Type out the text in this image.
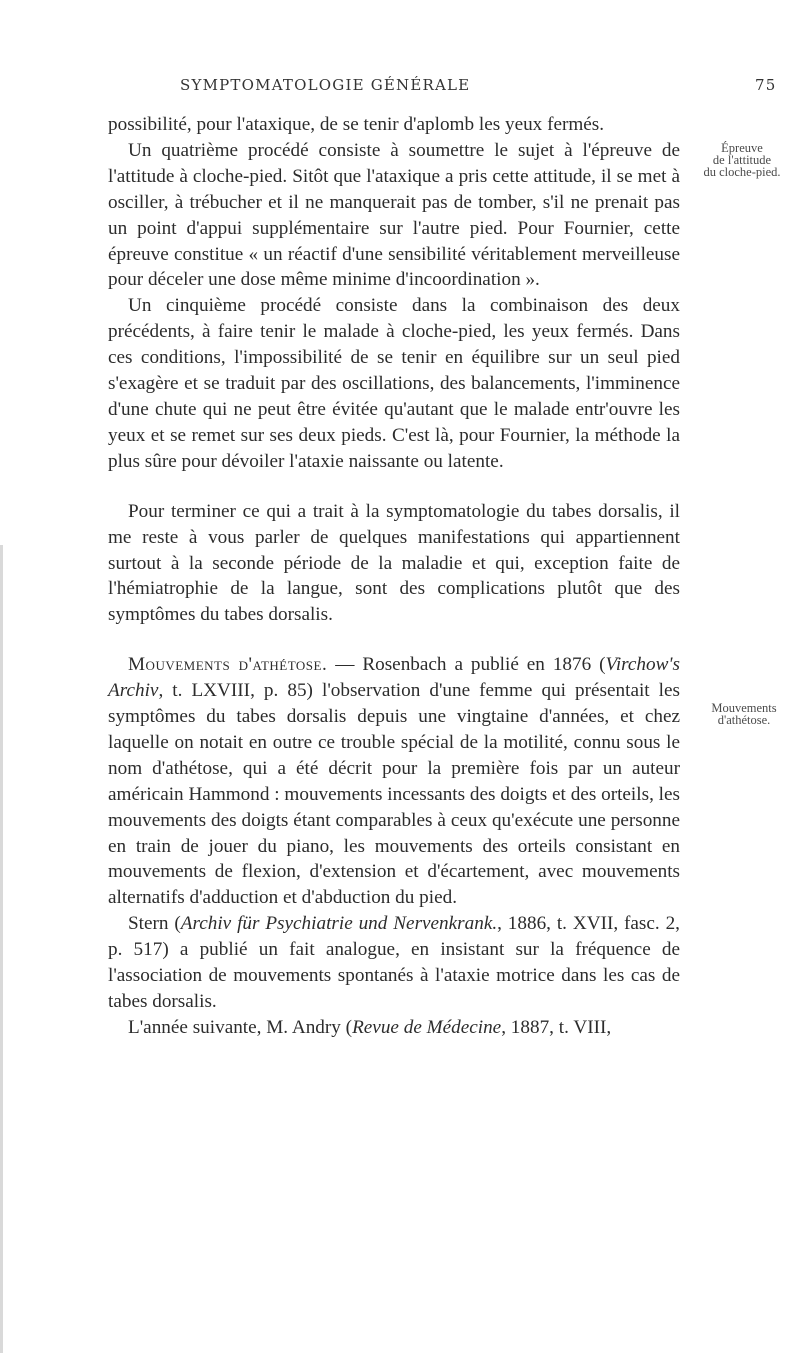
SYMPTOMATOLOGIE GÉNÉRALE	75
Épreuve
de l'attitude
du cloche-pied.
Mouvements
d'athétose.

possibilité, pour l'ataxique, de se tenir d'aplomb les yeux fermés.

Un quatrième procédé consiste à soumettre le sujet à l'épreuve de l'attitude à cloche-pied. Sitôt que l'ataxique a pris cette attitude, il se met à osciller, à trébucher et il ne manquerait pas de tomber, s'il ne prenait pas un point d'appui supplémentaire sur l'autre pied. Pour Fournier, cette épreuve constitue « un réactif d'une sensibilité véritablement merveilleuse pour déceler une dose même minime d'incoordination ».

Un cinquième procédé consiste dans la combinaison des deux précédents, à faire tenir le malade à cloche-pied, les yeux fermés. Dans ces conditions, l'impossibilité de se tenir en équilibre sur un seul pied s'exagère et se traduit par des oscillations, des balancements, l'imminence d'une chute qui ne peut être évitée qu'autant que le malade entr'ouvre les yeux et se remet sur ses deux pieds. C'est là, pour Fournier, la méthode la plus sûre pour dévoiler l'ataxie naissante ou latente.

Pour terminer ce qui a trait à la symptomatologie du tabes dorsalis, il me reste à vous parler de quelques manifestations qui appartiennent surtout à la seconde période de la maladie et qui, exception faite de l'hémiatrophie de la langue, sont des complications plutôt que des symptômes du tabes dorsalis.

Mouvements d'athétose. — Rosenbach a publié en 1876 (Virchow's Archiv, t. LXVIII, p. 85) l'observation d'une femme qui présentait les symptômes du tabes dorsalis depuis une vingtaine d'années, et chez laquelle on notait en outre ce trouble spécial de la motilité, connu sous le nom d'athétose, qui a été décrit pour la première fois par un auteur américain Hammond : mouvements incessants des doigts et des orteils, les mouvements des doigts étant comparables à ceux qu'exécute une personne en train de jouer du piano, les mouvements des orteils consistant en mouvements de flexion, d'extension et d'écartement, avec mouvements alternatifs d'adduction et d'abduction du pied.

Stern (Archiv für Psychiatrie und Nervenkrank., 1886, t. XVII, fasc. 2, p. 517) a publié un fait analogue, en insistant sur la fréquence de l'association de mouvements spontanés à l'ataxie motrice dans les cas de tabes dorsalis.

L'année suivante, M. Andry (Revue de Médecine, 1887, t. VIII,
